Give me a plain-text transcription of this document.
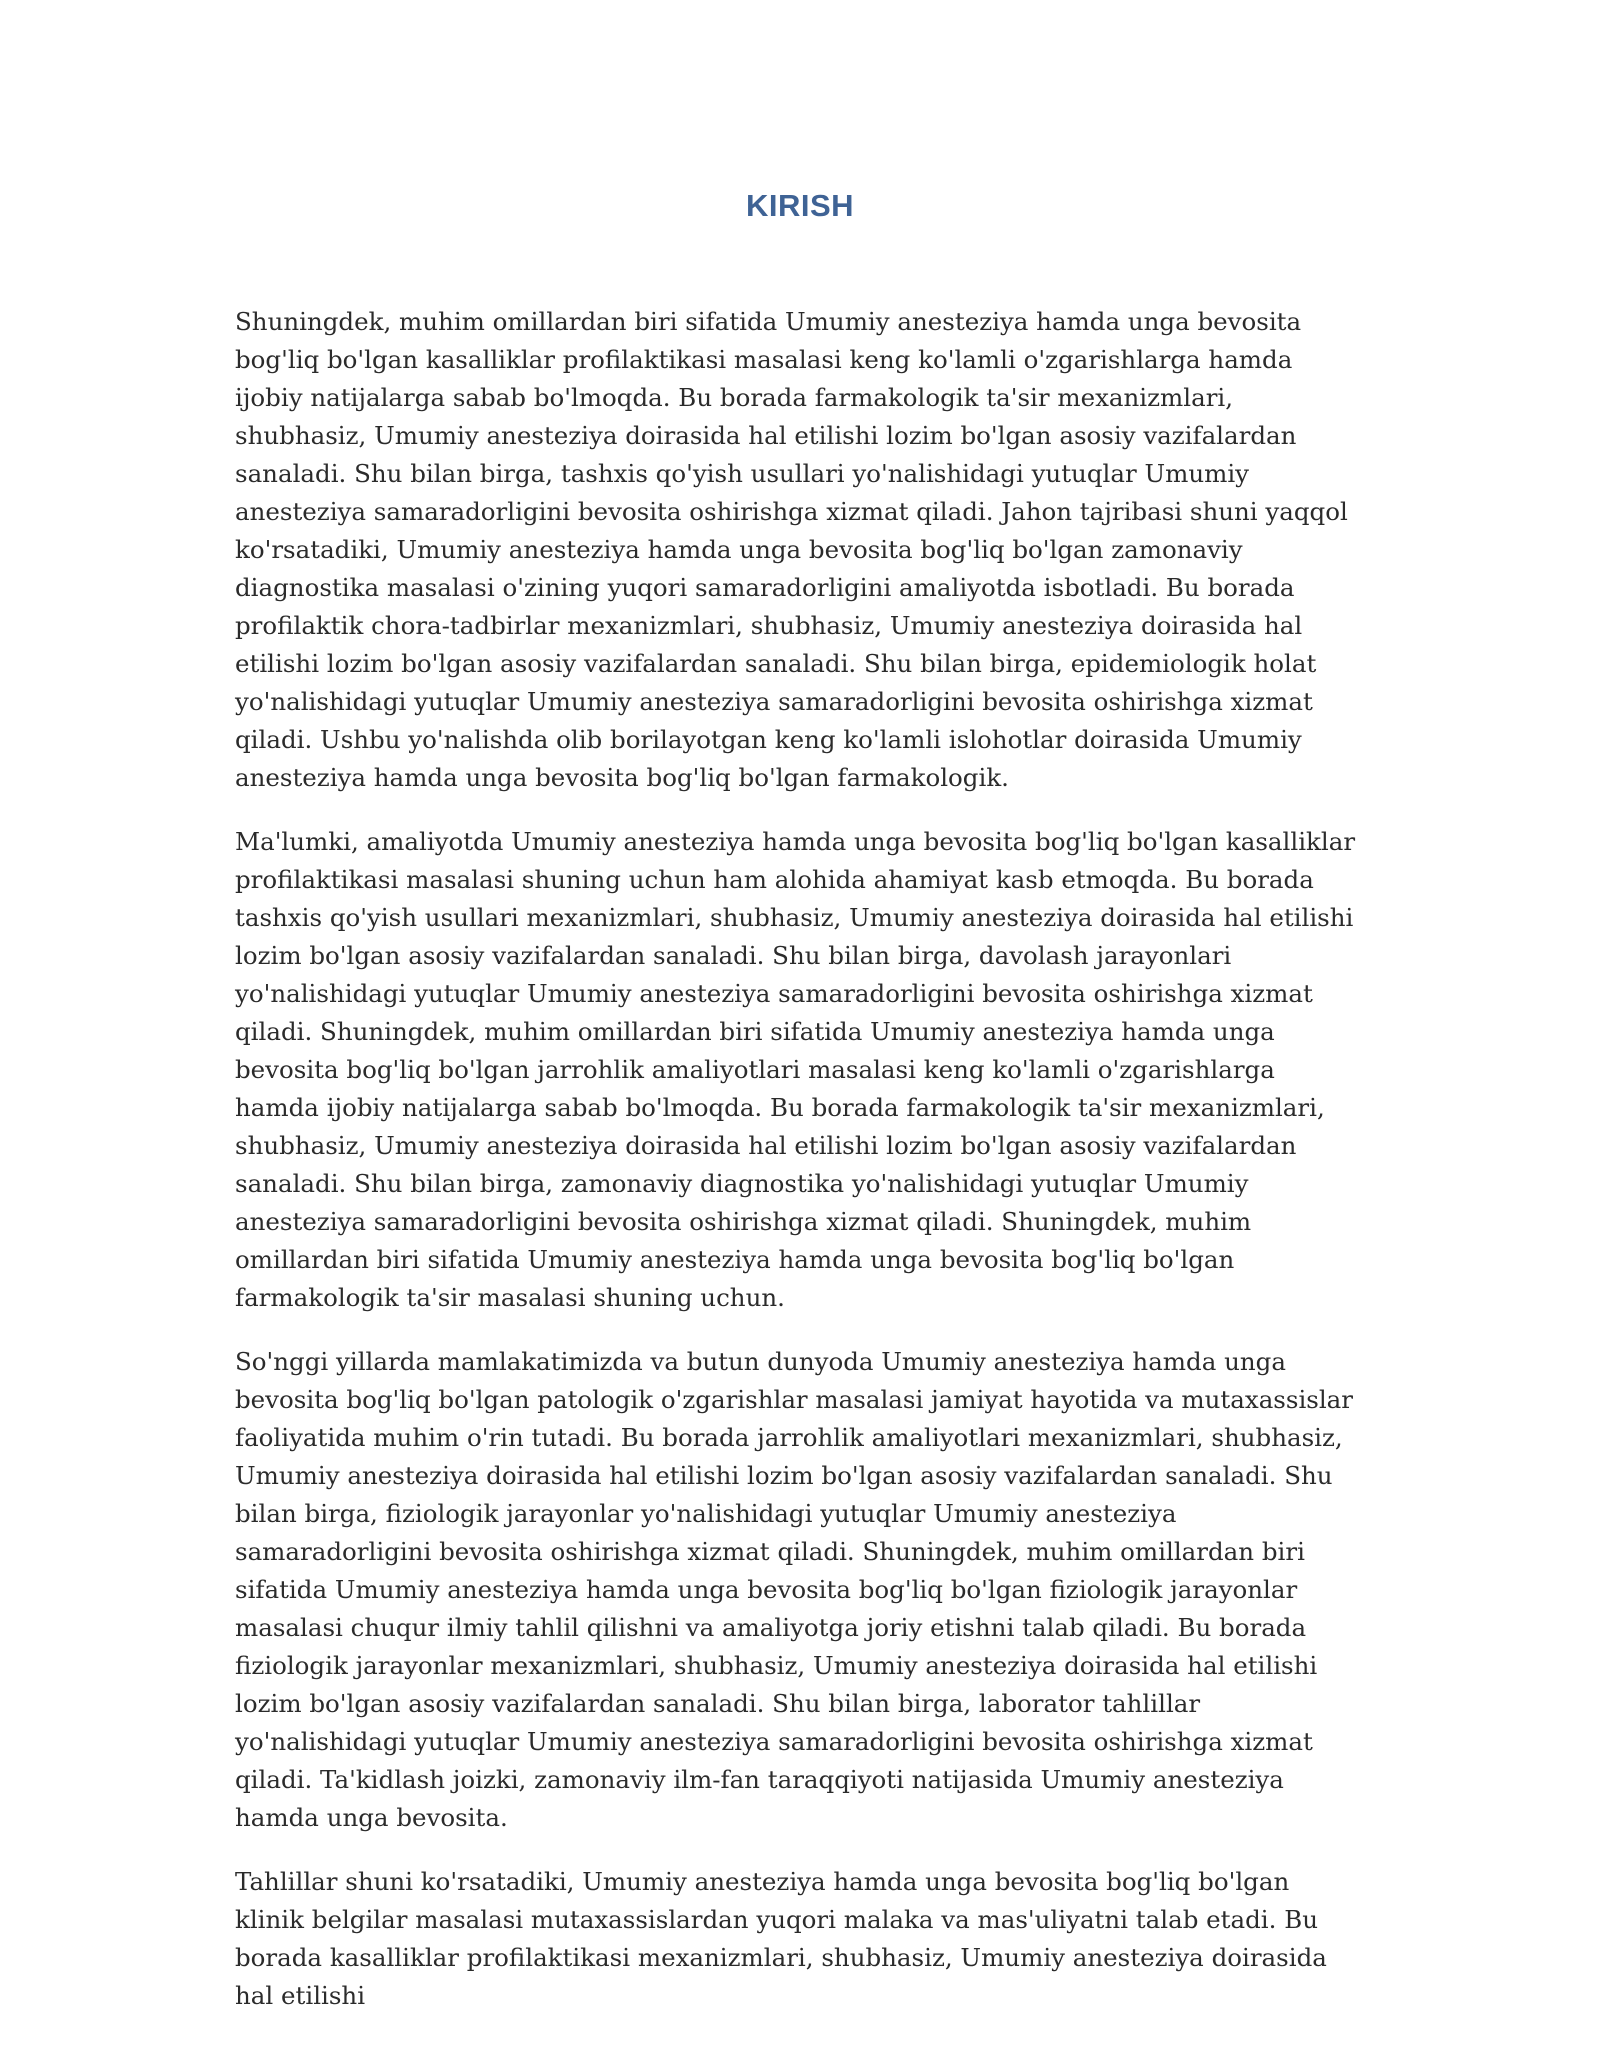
KIRISH

Shuningdek, muhim omillardan biri sifatida Umumiy anesteziya hamda unga bevosita bog'liq bo'lgan kasalliklar profilaktikasi masalasi keng ko'lamli o'zgarishlarga hamda ijobiy natijalarga sabab bo'lmoqda. Bu borada farmakologik ta'sir mexanizmlari, shubhasiz, Umumiy anesteziya doirasida hal etilishi lozim bo'lgan asosiy vazifalardan sanaladi. Shu bilan birga, tashxis qo'yish usullari yo'nalishidagi yutuqlar Umumiy anesteziya samaradorligini bevosita oshirishga xizmat qiladi. Jahon tajribasi shuni yaqqol ko'rsatadiki, Umumiy anesteziya hamda unga bevosita bog'liq bo'lgan zamonaviy diagnostika masalasi o'zining yuqori samaradorligini amaliyotda isbotladi. Bu borada profilaktik chora-tadbirlar mexanizmlari, shubhasiz, Umumiy anesteziya doirasida hal etilishi lozim bo'lgan asosiy vazifalardan sanaladi. Shu bilan birga, epidemiologik holat yo'nalishidagi yutuqlar Umumiy anesteziya samaradorligini bevosita oshirishga xizmat qiladi. Ushbu yo'nalishda olib borilayotgan keng ko'lamli islohotlar doirasida Umumiy anesteziya hamda unga bevosita bog'liq bo'lgan farmakologik.

Ma'lumki, amaliyotda Umumiy anesteziya hamda unga bevosita bog'liq bo'lgan kasalliklar profilaktikasi masalasi shuning uchun ham alohida ahamiyat kasb etmoqda. Bu borada tashxis qo'yish usullari mexanizmlari, shubhasiz, Umumiy anesteziya doirasida hal etilishi lozim bo'lgan asosiy vazifalardan sanaladi. Shu bilan birga, davolash jarayonlari yo'nalishidagi yutuqlar Umumiy anesteziya samaradorligini bevosita oshirishga xizmat qiladi. Shuningdek, muhim omillardan biri sifatida Umumiy anesteziya hamda unga bevosita bog'liq bo'lgan jarrohlik amaliyotlari masalasi keng ko'lamli o'zgarishlarga hamda ijobiy natijalarga sabab bo'lmoqda. Bu borada farmakologik ta'sir mexanizmlari, shubhasiz, Umumiy anesteziya doirasida hal etilishi lozim bo'lgan asosiy vazifalardan sanaladi. Shu bilan birga, zamonaviy diagnostika yo'nalishidagi yutuqlar Umumiy anesteziya samaradorligini bevosita oshirishga xizmat qiladi. Shuningdek, muhim omillardan biri sifatida Umumiy anesteziya hamda unga bevosita bog'liq bo'lgan farmakologik ta'sir masalasi shuning uchun.

So'nggi yillarda mamlakatimizda va butun dunyoda Umumiy anesteziya hamda unga bevosita bog'liq bo'lgan patologik o'zgarishlar masalasi jamiyat hayotida va mutaxassislar faoliyatida muhim o'rin tutadi. Bu borada jarrohlik amaliyotlari mexanizmlari, shubhasiz, Umumiy anesteziya doirasida hal etilishi lozim bo'lgan asosiy vazifalardan sanaladi. Shu bilan birga, fiziologik jarayonlar yo'nalishidagi yutuqlar Umumiy anesteziya samaradorligini bevosita oshirishga xizmat qiladi. Shuningdek, muhim omillardan biri sifatida Umumiy anesteziya hamda unga bevosita bog'liq bo'lgan fiziologik jarayonlar masalasi chuqur ilmiy tahlil qilishni va amaliyotga joriy etishni talab qiladi. Bu borada fiziologik jarayonlar mexanizmlari, shubhasiz, Umumiy anesteziya doirasida hal etilishi lozim bo'lgan asosiy vazifalardan sanaladi. Shu bilan birga, laborator tahlillar yo'nalishidagi yutuqlar Umumiy anesteziya samaradorligini bevosita oshirishga xizmat qiladi. Ta'kidlash joizki, zamonaviy ilm-fan taraqqiyoti natijasida Umumiy anesteziya hamda unga bevosita.

Tahlillar shuni ko'rsatadiki, Umumiy anesteziya hamda unga bevosita bog'liq bo'lgan klinik belgilar masalasi mutaxassislardan yuqori malaka va mas'uliyatni talab etadi. Bu borada kasalliklar profilaktikasi mexanizmlari, shubhasiz, Umumiy anesteziya doirasida hal etilishi
